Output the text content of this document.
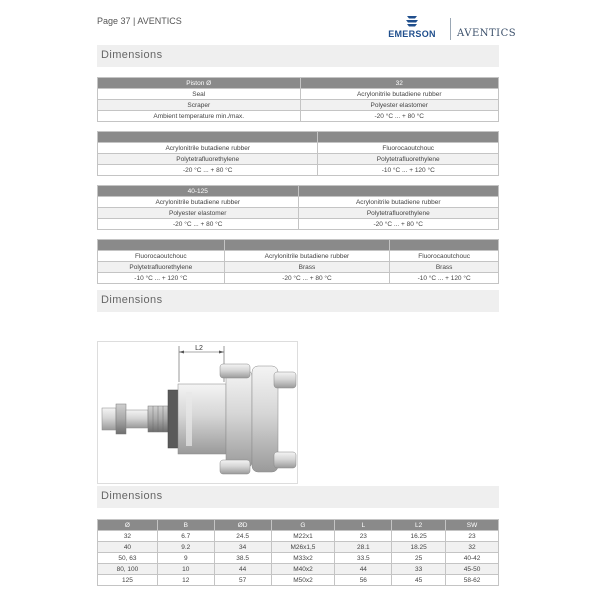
Page 37 | AVENTICS
EMERSON	AVENTICS
Dimensions
Piston Ø	32
Seal	Acrylonitrile butadiene rubber
Scraper	Polyester elastomer
Ambient temperature min./max.	-20 °C ... + 80 °C

Acrylonitrile butadiene rubber	Fluorocaoutchouc
Polytetrafluorethylene	Polytetrafluorethylene
-20 °C ... + 80 °C	-10 °C ... + 120 °C
40-125	
Acrylonitrile butadiene rubber	Acrylonitrile butadiene rubber
Polyester elastomer	Polytetrafluorethylene
-20 °C ... + 80 °C	-20 °C ... + 80 °C

Fluorocaoutchouc	Acrylonitrile butadiene rubber	Fluorocaoutchouc
Polytetrafluorethylene	Brass	Brass
-10 °C ... + 120 °C	-20 °C ... + 80 °C	-10 °C ... + 120 °C
Dimensions
L2
Dimensions
Ø	B	ØD	G	L	L2	SW
32	6.7	24.5	M22x1	23	16.25	23
40	9.2	34	M26x1,5	28.1	18.25	32
50, 63	9	38.5	M33x2	33.5	25	40-42
80, 100	10	44	M40x2	44	33	45-50
125	12	57	M50x2	56	45	58-62
